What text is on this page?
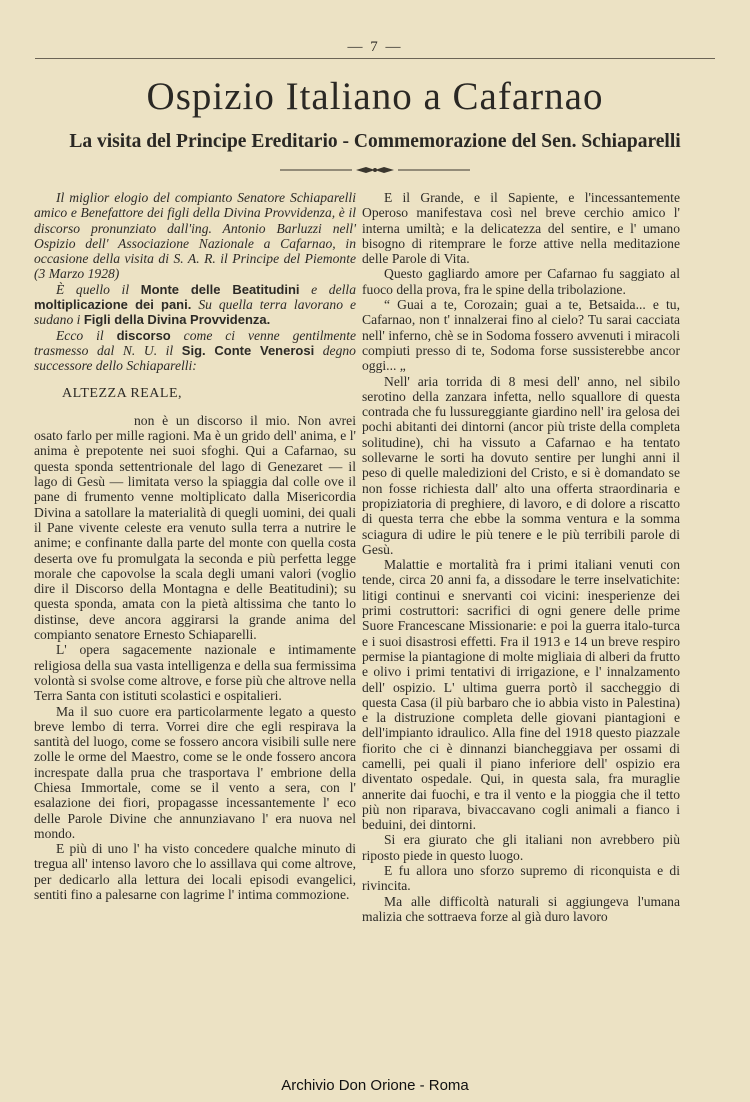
— 7 —
Ospizio Italiano a Cafarnao
La visita del Principe Ereditario - Commemorazione del Sen. Schiaparelli

Il miglior elogio del compianto Senatore Schiaparelli amico e Benefattore dei figli della Divina Provvidenza, è il discorso pronunziato dall'ing. Antonio Barluzzi nell' Ospizio dell' Associazione Nazionale a Cafarnao, in occasione della visita di S. A. R. il Principe del Piemonte (3 Marzo 1928)

È quello il Monte delle Beatitudini e della moltiplicazione dei pani. Su quella terra lavorano e sudano i Figli della Divina Provvidenza.

Ecco il discorso come ci venne gentilmente trasmesso dal N. U. il Sig. Conte Venerosi degno successore dello Schiaparelli:

ALTEZZA REALE,

non è un discorso il mio. Non avrei osato farlo per mille ragioni. Ma è un grido dell' anima, e l' anima è prepotente nei suoi sfoghi. Qui a Cafarnao, su questa sponda settentrionale del lago di Genezaret — il lago di Gesù — limitata verso la spiaggia dal colle ove il pane di frumento venne moltiplicato dalla Misericordia Divina a satollare la materialità di quegli uomini, dei quali il Pane vivente celeste era venuto sulla terra a nutrire le anime; e confinante dalla parte del monte con quella costa deserta ove fu promulgata la seconda e più perfetta legge morale che capovolse la scala degli umani valori (voglio dire il Discorso della Montagna e delle Beatitudini); su questa sponda, amata con la pietà altissima che tanto lo distinse, deve ancora aggirarsi la grande anima del compianto senatore Ernesto Schiaparelli.

L' opera sagacemente nazionale e intimamente religiosa della sua vasta intelligenza e della sua fermissima volontà si svolse come altrove, e forse più che altrove nella Terra Santa con istituti scolastici e ospitalieri.

Ma il suo cuore era particolarmente legato a questo breve lembo di terra. Vorrei dire che egli respirava la santità del luogo, come se fossero ancora visibili sulle nere zolle le orme del Maestro, come se le onde fossero ancora increspate dalla prua che trasportava l' embrione della Chiesa Immortale, come se il vento a sera, con l' esalazione dei fiori, propagasse incessantemente l' eco delle Parole Divine che annunziavano l' era nuova nel mondo.

E più di uno l' ha visto concedere qualche minuto di tregua all' intenso lavoro che lo assillava qui come altrove, per dedicarlo alla lettura dei locali episodi evangelici, sentiti fino a palesarne con lagrime l' intima commozione.

E il Grande, e il Sapiente, e l'incessantemente Operoso manifestava così nel breve cerchio amico l' interna umiltà; e la delicatezza del sentire, e l' umano bisogno di ritemprare le forze attive nella meditazione delle Parole di Vita.

Questo gagliardo amore per Cafarnao fu saggiato al fuoco della prova, fra le spine della tribolazione.

“ Guai a te, Corozain; guai a te, Betsaida... e tu, Cafarnao, non t' innalzerai fino al cielo? Tu sarai cacciata nell' inferno, chè se in Sodoma fossero avvenuti i miracoli compiuti presso di te, Sodoma forse sussisterebbe ancor oggi... „

Nell' aria torrida di 8 mesi dell' anno, nel sibilo serotino della zanzara infetta, nello squallore di questa contrada che fu lussureggiante giardino nell' ira gelosa dei pochi abitanti dei dintorni (ancor più triste della completa solitudine), chi ha vissuto a Cafarnao e ha tentato sollevarne le sorti ha dovuto sentire per lunghi anni il peso di quelle maledizioni del Cristo, e si è domandato se non fosse richiesta dall' alto una offerta straordinaria e propiziatoria di preghiere, di lavoro, e di dolore a riscatto di questa terra che ebbe la somma ventura e la somma sciagura di udire le più tenere e le più terribili parole di Gesù.

Malattie e mortalità fra i primi italiani venuti con tende, circa 20 anni fa, a dissodare le terre inselvatichite: litigi continui e snervanti coi vicini: inesperienze dei primi costruttori: sacrifici di ogni genere delle prime Suore Francescane Missionarie: e poi la guerra italo-turca e i suoi disastrosi effetti. Fra il 1913 e 14 un breve respiro permise la piantagione di molte migliaia di alberi da frutto e olivo i primi tentativi di irrigazione, e l' innalzamento dell' ospizio. L' ultima guerra portò il saccheggio di questa Casa (il più barbaro che io abbia visto in Palestina) e la distruzione completa delle giovani piantagioni e dell'impianto idraulico. Alla fine del 1918 questo piazzale fiorito che ci è dinnanzi biancheggiava per ossami di camelli, pei quali il piano inferiore dell' ospizio era diventato ospedale. Qui, in questa sala, fra muraglie annerite dai fuochi, e tra il vento e la pioggia che il tetto più non riparava, bivaccavano cogli animali a fianco i beduini, dei dintorni.

Si era giurato che gli italiani non avrebbero più riposto piede in questo luogo.

E fu allora uno sforzo supremo di riconquista e di rivincita.

Ma alle difficoltà naturali si aggiungeva l'umana malizia che sottraeva forze al già duro lavoro

Archivio Don Orione - Roma
